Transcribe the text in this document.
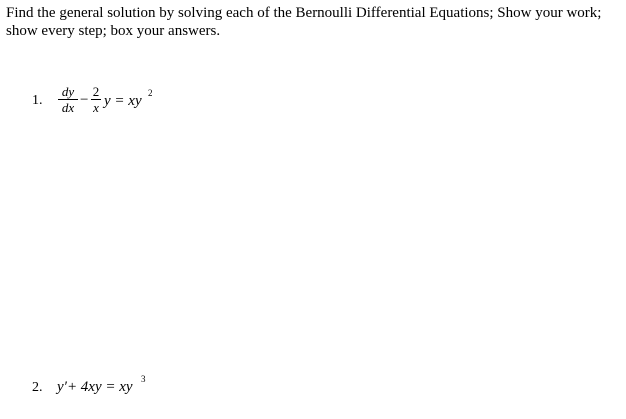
Find the general solution by solving each of the Bernoulli Differential Equations; Show your work; show every step; box your answers.

1.
dy
dx −
2
x y = xy 2
2. y′+ 4xy = xy 3
